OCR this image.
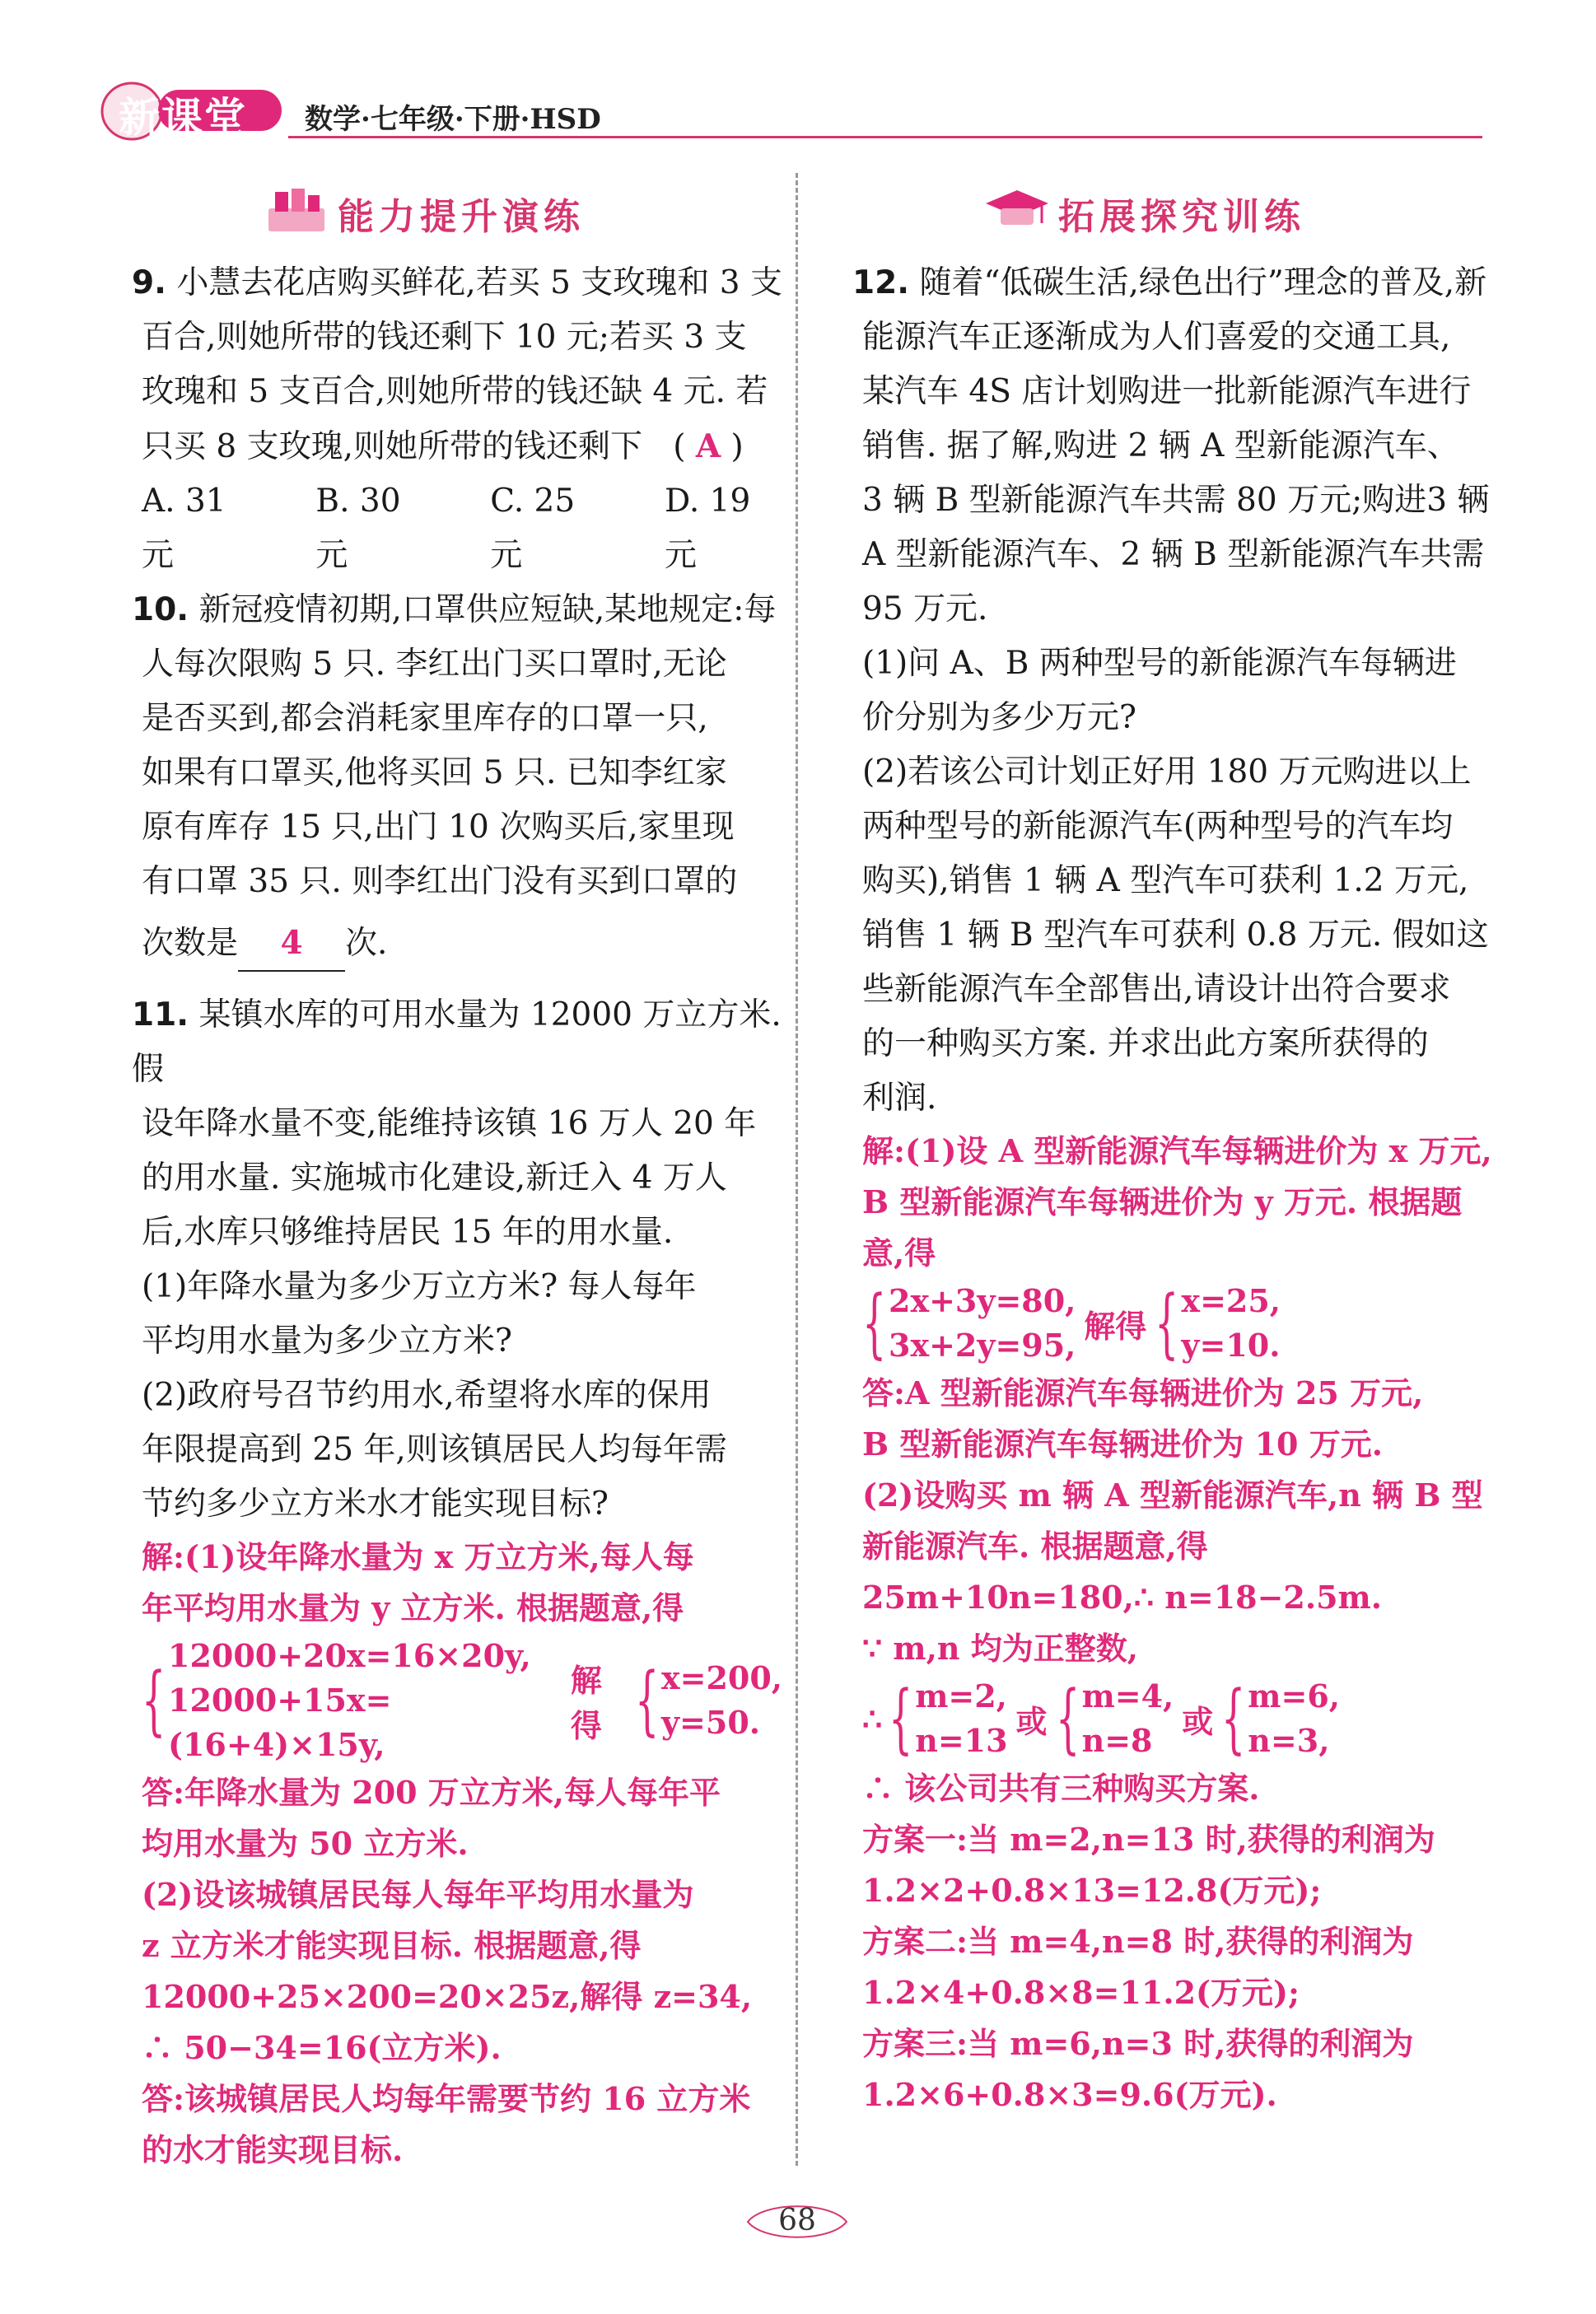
新课堂 数学·七年级·下册·HSD
能力提升演练

9. 小慧去花店购买鲜花,若买 5 支玫瑰和 3 支

百合,则她所带的钱还剩下 10 元;若买 3 支

玫瑰和 5 支百合,则她所带的钱还缺 4 元. 若

只买 8 支玫瑰,则她所带的钱还剩下   ( A )

A. 31 元
B. 30 元
C. 25 元
D. 19 元

10. 新冠疫情初期,口罩供应短缺,某地规定:每

人每次限购 5 只. 李红出门买口罩时,无论

是否买到,都会消耗家里库存的口罩一只,

如果有口罩买,他将买回 5 只. 已知李红家

原有库存 15 只,出门 10 次购买后,家里现

有口罩 35 只. 则李红出门没有买到口罩的

次数是 4 次.

11. 某镇水库的可用水量为 12000 万立方米. 假

设年降水量不变,能维持该镇 16 万人 20 年

的用水量. 实施城市化建设,新迁入 4 万人

后,水库只够维持居民 15 年的用水量.

(1)年降水量为多少万立方米? 每人每年

平均用水量为多少立方米?

(2)政府号召节约用水,希望将水库的保用

年限提高到 25 年,则该镇居民人均每年需

节约多少立方米水才能实现目标?

解:(1)设年降水量为 x 万立方米,每人每

年平均用水量为 y 立方米. 根据题意,得

{
12000+20x=16×20y,
12000+15x=(16+4)×15y,
解得 { x=200,
y=50.

答:年降水量为 200 万立方米,每人每年平

均用水量为 50 立方米.

(2)设该城镇居民每人每年平均用水量为

z 立方米才能实现目标. 根据题意,得

12000+25×200=20×25z,解得 z=34,

∴ 50−34=16(立方米).

答:该城镇居民人均每年需要节约 16 立方米

的水才能实现目标.

拓展探究训练

12. 随着“低碳生活,绿色出行”理念的普及,新

能源汽车正逐渐成为人们喜爱的交通工具,

某汽车 4S 店计划购进一批新能源汽车进行

销售. 据了解,购进 2 辆 A 型新能源汽车、

3 辆 B 型新能源汽车共需 80 万元;购进3 辆

A 型新能源汽车、2 辆 B 型新能源汽车共需

95 万元.

(1)问 A、B 两种型号的新能源汽车每辆进

价分别为多少万元?

(2)若该公司计划正好用 180 万元购进以上

两种型号的新能源汽车(两种型号的汽车均

购买),销售 1 辆 A 型汽车可获利 1.2 万元,

销售 1 辆 B 型汽车可获利 0.8 万元. 假如这

些新能源汽车全部售出,请设计出符合要求

的一种购买方案. 并求出此方案所获得的

利润.

解:(1)设 A 型新能源汽车每辆进价为 x 万元,

B 型新能源汽车每辆进价为 y 万元. 根据题

意,得

{ 2x+3y=80,
3x+2y=95,
解得 { x=25,
y=10.

答:A 型新能源汽车每辆进价为 25 万元,

B 型新能源汽车每辆进价为 10 万元.

(2)设购买 m 辆 A 型新能源汽车,n 辆 B 型

新能源汽车. 根据题意,得

25m+10n=180,∴ n=18−2.5m.

∵ m,n 均为正整数,

∴ { m=2,
n=13
或 { m=4,
n=8
或 { m=6,
n=3,

∴ 该公司共有三种购买方案.

方案一:当 m=2,n=13 时,获得的利润为

1.2×2+0.8×13=12.8(万元);

方案二:当 m=4,n=8 时,获得的利润为

1.2×4+0.8×8=11.2(万元);

方案三:当 m=6,n=3 时,获得的利润为

1.2×6+0.8×3=9.6(万元).

68
